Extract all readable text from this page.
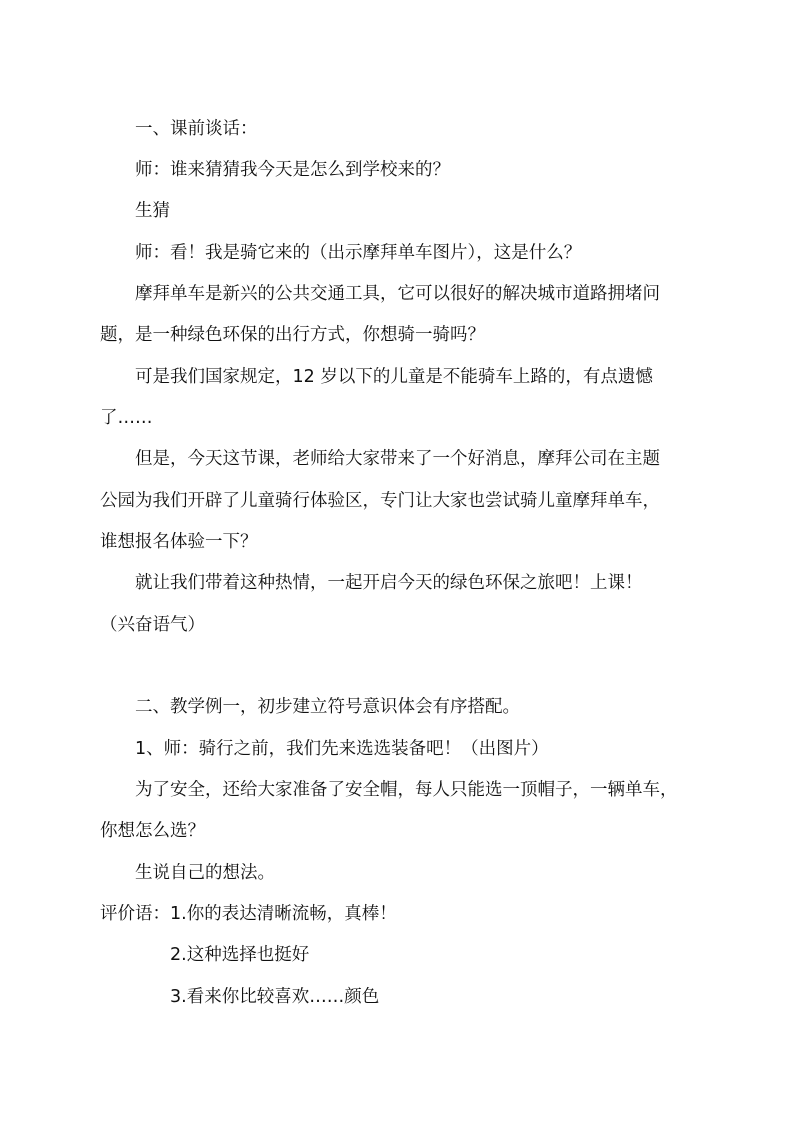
一、课前谈话：
师：谁来猜猜我今天是怎么到学校来的？
生猜
师：看！我是骑它来的（出示摩拜单车图片），这是什么？
摩拜单车是新兴的公共交通工具，它可以很好的解决城市道路拥堵问
题，是一种绿色环保的出行方式，你想骑一骑吗？
可是我们国家规定，12 岁以下的儿童是不能骑车上路的，有点遗憾
了……
但是，今天这节课，老师给大家带来了一个好消息，摩拜公司在主题
公园为我们开辟了儿童骑行体验区，专门让大家也尝试骑儿童摩拜单车，
谁想报名体验一下？
就让我们带着这种热情，一起开启今天的绿色环保之旅吧！上课！
（兴奋语气）
二、教学例一，初步建立符号意识体会有序搭配。
1、师：骑行之前，我们先来选选装备吧！（出图片）
为了安全，还给大家准备了安全帽，每人只能选一顶帽子，一辆单车，
你想怎么选？
生说自己的想法。
评价语：1.你的表达清晰流畅，真棒！
2.这种选择也挺好
3.看来你比较喜欢……颜色
